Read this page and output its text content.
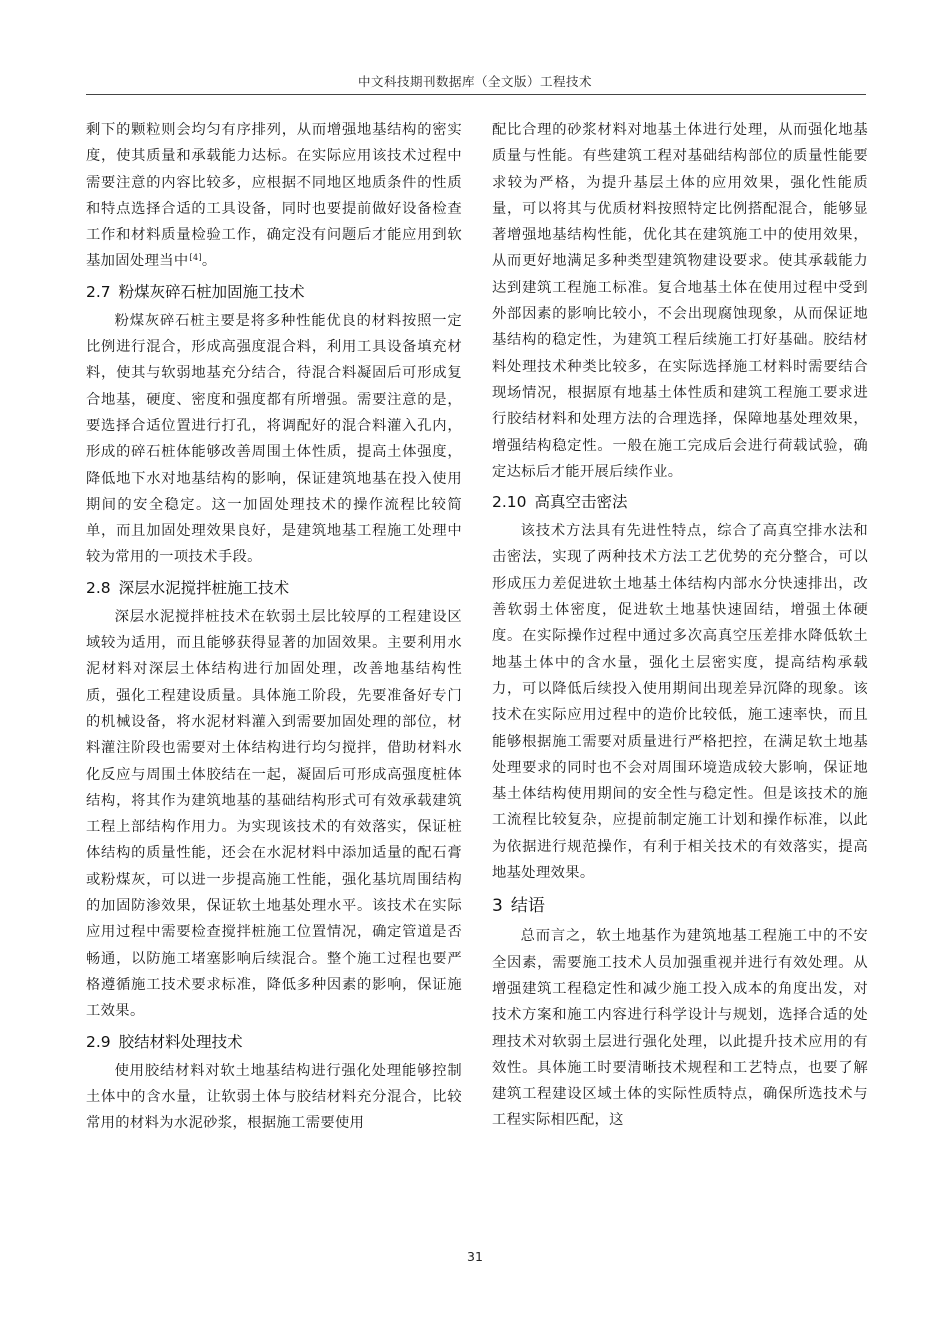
中文科技期刊数据库（全文版）工程技术

剩下的颗粒则会均匀有序排列，从而增强地基结构的密实度，使其质量和承载能力达标。在实际应用该技术过程中需要注意的内容比较多，应根据不同地区地质条件的性质和特点选择合适的工具设备，同时也要提前做好设备检查工作和材料质量检验工作，确定没有问题后才能应用到软基加固处理当中[4]。

2.7 粉煤灰碎石桩加固施工技术

粉煤灰碎石桩主要是将多种性能优良的材料按照一定比例进行混合，形成高强度混合料，利用工具设备填充材料，使其与软弱地基充分结合，待混合料凝固后可形成复合地基，硬度、密度和强度都有所增强。需要注意的是，要选择合适位置进行打孔，将调配好的混合料灌入孔内，形成的碎石桩体能够改善周围土体性质，提高土体强度，降低地下水对地基结构的影响，保证建筑地基在投入使用期间的安全稳定。这一加固处理技术的操作流程比较简单，而且加固处理效果良好，是建筑地基工程施工处理中较为常用的一项技术手段。

2.8 深层水泥搅拌桩施工技术

深层水泥搅拌桩技术在软弱土层比较厚的工程建设区域较为适用，而且能够获得显著的加固效果。主要利用水泥材料对深层土体结构进行加固处理，改善地基结构性质，强化工程建设质量。具体施工阶段，先要准备好专门的机械设备，将水泥材料灌入到需要加固处理的部位，材料灌注阶段也需要对土体结构进行均匀搅拌，借助材料水化反应与周围土体胶结在一起，凝固后可形成高强度桩体结构，将其作为建筑地基的基础结构形式可有效承载建筑工程上部结构作用力。为实现该技术的有效落实，保证桩体结构的质量性能，还会在水泥材料中添加适量的配石膏或粉煤灰，可以进一步提高施工性能，强化基坑周围结构的加固防渗效果，保证软土地基处理水平。该技术在实际应用过程中需要检查搅拌桩施工位置情况，确定管道是否畅通，以防施工堵塞影响后续混合。整个施工过程也要严格遵循施工技术要求标准，降低多种因素的影响，保证施工效果。

2.9 胶结材料处理技术

使用胶结材料对软土地基结构进行强化处理能够控制土体中的含水量，让软弱土体与胶结材料充分混合，比较常用的材料为水泥砂浆，根据施工需要使用

配比合理的砂浆材料对地基土体进行处理，从而强化地基质量与性能。有些建筑工程对基础结构部位的质量性能要求较为严格，为提升基层土体的应用效果，强化性能质量，可以将其与优质材料按照特定比例搭配混合，能够显著增强地基结构性能，优化其在建筑施工中的使用效果，从而更好地满足多种类型建筑物建设要求。使其承载能力达到建筑工程施工标准。复合地基土体在使用过程中受到外部因素的影响比较小，不会出现腐蚀现象，从而保证地基结构的稳定性，为建筑工程后续施工打好基础。胶结材料处理技术种类比较多，在实际选择施工材料时需要结合现场情况，根据原有地基土体性质和建筑工程施工要求进行胶结材料和处理方法的合理选择，保障地基处理效果，增强结构稳定性。一般在施工完成后会进行荷载试验，确定达标后才能开展后续作业。

2.10 高真空击密法

该技术方法具有先进性特点，综合了高真空排水法和击密法，实现了两种技术方法工艺优势的充分整合，可以形成压力差促进软土地基土体结构内部水分快速排出，改善软弱土体密度，促进软土地基快速固结，增强土体硬度。在实际操作过程中通过多次高真空压差排水降低软土地基土体中的含水量，强化土层密实度，提高结构承载力，可以降低后续投入使用期间出现差异沉降的现象。该技术在实际应用过程中的造价比较低，施工速率快，而且能够根据施工需要对质量进行严格把控，在满足软土地基处理要求的同时也不会对周围环境造成较大影响，保证地基土体结构使用期间的安全性与稳定性。但是该技术的施工流程比较复杂，应提前制定施工计划和操作标准，以此为依据进行规范操作，有利于相关技术的有效落实，提高地基处理效果。

3 结语

总而言之，软土地基作为建筑地基工程施工中的不安全因素，需要施工技术人员加强重视并进行有效处理。从增强建筑工程稳定性和减少施工投入成本的角度出发，对技术方案和施工内容进行科学设计与规划，选择合适的处理技术对软弱土层进行强化处理，以此提升技术应用的有效性。具体施工时要清晰技术规程和工艺特点，也要了解建筑工程建设区域土体的实际性质特点，确保所选技术与工程实际相匹配，这

31
